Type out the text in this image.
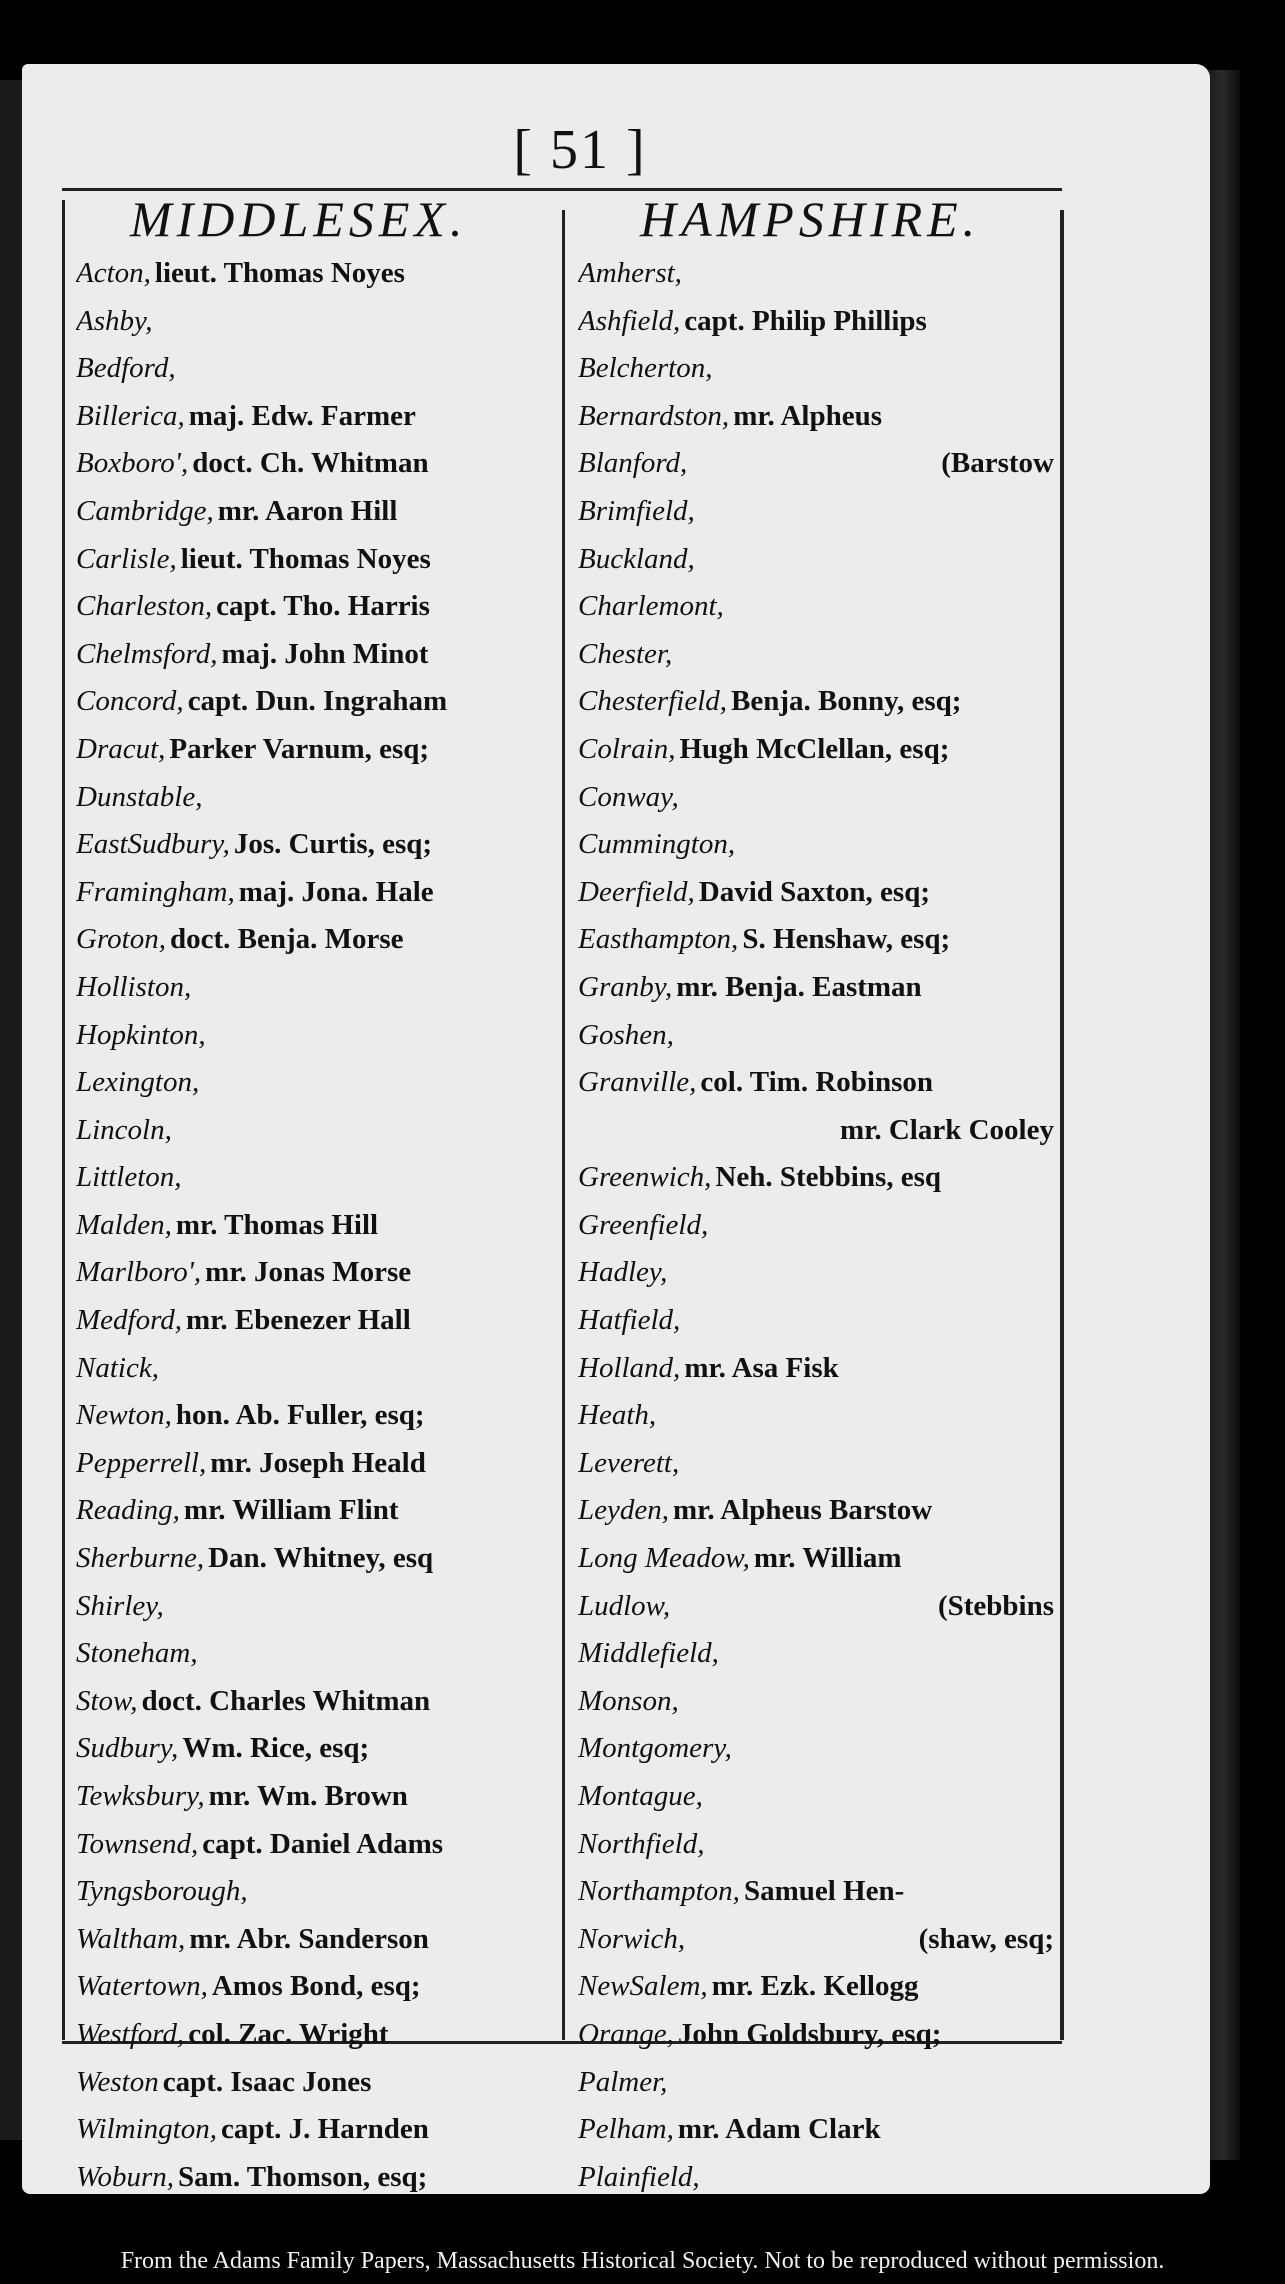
[ 51 ]
MIDDLESEX.	HAMPSHIRE.
Acton, lieut. Thomas Noyes
Ashby,
Bedford,
Billerica, maj. Edw. Farmer
Boxboro', doct. Ch. Whitman
Cambridge, mr. Aaron Hill
Carlisle, lieut. Thomas Noyes
Charleston, capt. Tho. Harris
Chelmsford, maj. John Minot
Concord, capt. Dun. Ingraham
Dracut, Parker Varnum, esq;
Dunstable,
EastSudbury, Jos. Curtis, esq;
Framingham, maj. Jona. Hale
Groton, doct. Benja. Morse
Holliston,
Hopkinton,
Lexington,
Lincoln,
Littleton,
Malden, mr. Thomas Hill
Marlboro', mr. Jonas Morse
Medford, mr. Ebenezer Hall
Natick,
Newton, hon. Ab. Fuller, esq;
Pepperrell, mr. Joseph Heald
Reading, mr. William Flint
Sherburne, Dan. Whitney, esq
Shirley,
Stoneham,
Stow, doct. Charles Whitman
Sudbury, Wm. Rice, esq;
Tewksbury, mr. Wm. Brown
Townsend, capt. Daniel Adams
Tyngsborough,
Waltham, mr. Abr. Sanderson
Watertown, Amos Bond, esq;
Westford, col. Zac. Wright
Weston capt. Isaac Jones
Wilmington, capt. J. Harnden
Woburn, Sam. Thomson, esq;
Amherst,
Ashfield, capt. Philip Phillips
Belcherton,
Bernardston, mr. Alpheus
Blanford,	(Barstow
Brimfield,
Buckland,
Charlemont,
Chester,
Chesterfield, Benja. Bonny, esq;
Colrain, Hugh McClellan, esq;
Conway,
Cummington,
Deerfield, David Saxton, esq;
Easthampton, S. Henshaw, esq;
Granby, mr. Benja. Eastman
Goshen,
Granville, col. Tim. Robinson
mr. Clark Cooley
Greenwich, Neh. Stebbins, esq
Greenfield,
Hadley,
Hatfield,
Holland, mr. Asa Fisk
Heath,
Leverett,
Leyden, mr. Alpheus Barstow
Long Meadow, mr. William
Ludlow,	(Stebbins
Middlefield,
Monson,
Montgomery,
Montague,
Northfield,
Northampton, Samuel Hen-
Norwich,	(shaw, esq;
NewSalem, mr. Ezk. Kellogg
Orange, John Goldsbury, esq;
Palmer,
Pelham, mr. Adam Clark
Plainfield,
From the Adams Family Papers, Massachusetts Historical Society. Not to be reproduced without permission.
